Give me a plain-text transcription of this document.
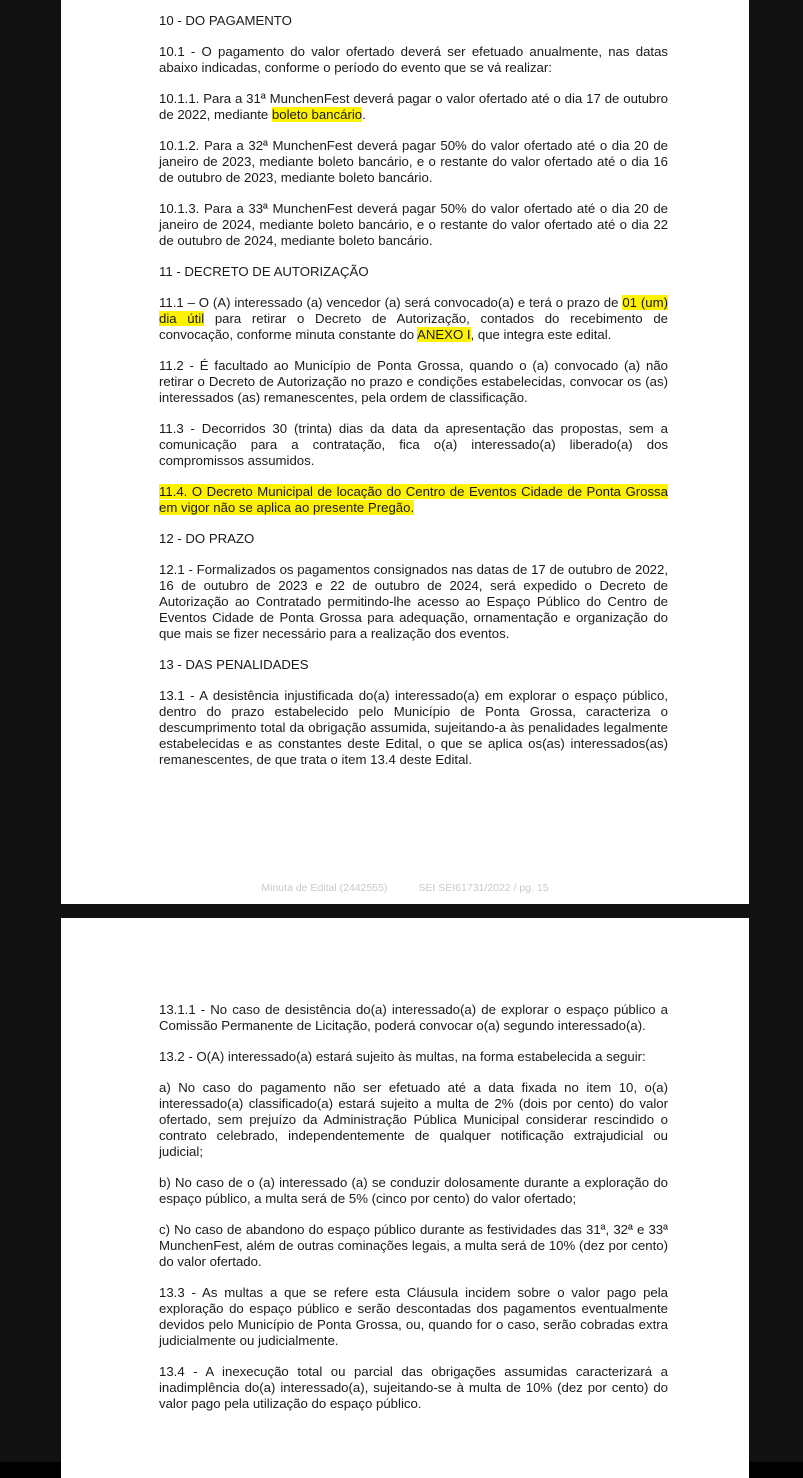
10 - DO PAGAMENTO

10.1 - O pagamento do valor ofertado deverá ser efetuado anualmente, nas datas abaixo indicadas, conforme o período do evento que se vá realizar:

10.1.1. Para a 31ª MunchenFest deverá pagar o valor ofertado até o dia 17 de outubro de 2022, mediante boleto bancário.

10.1.2. Para a 32ª MunchenFest deverá pagar 50% do valor ofertado até o dia 20 de janeiro de 2023, mediante boleto bancário, e o restante do valor ofertado até o dia 16 de outubro de 2023, mediante boleto bancário.

10.1.3. Para a 33ª MunchenFest deverá pagar 50% do valor ofertado até o dia 20 de janeiro de 2024, mediante boleto bancário, e o restante do valor ofertado até o dia 22 de outubro de 2024, mediante boleto bancário.

11 - DECRETO DE AUTORIZAÇÃO

11.1 – O (A) interessado (a) vencedor (a) será convocado(a) e terá o prazo de 01 (um) dia útil para retirar o Decreto de Autorização, contados do recebimento de convocação, conforme minuta constante do ANEXO I, que integra este edital.

11.2 - É facultado ao Município de Ponta Grossa, quando o (a) convocado (a) não retirar o Decreto de Autorização no prazo e condições estabelecidas, convocar os (as) interessados (as) remanescentes, pela ordem de classificação.

11.3 - Decorridos 30 (trinta) dias da data da apresentação das propostas, sem a comunicação para a contratação, fica o(a) interessado(a) liberado(a) dos compromissos assumidos.

11.4. O Decreto Municipal de locação do Centro de Eventos Cidade de Ponta Grossa em vigor não se aplica ao presente Pregão.

12 - DO PRAZO

12.1 - Formalizados os pagamentos consignados nas datas de 17 de outubro de 2022, 16 de outubro de 2023 e 22 de outubro de 2024, será expedido o Decreto de Autorização ao Contratado permitindo-lhe acesso ao Espaço Público do Centro de Eventos Cidade de Ponta Grossa para adequação, ornamentação e organização do que mais se fizer necessário para a realização dos eventos.

13 - DAS PENALIDADES

13.1 - A desistência injustificada do(a) interessado(a) em explorar o espaço público, dentro do prazo estabelecido pelo Município de Ponta Grossa, caracteriza o descumprimento total da obrigação assumida, sujeitando-a às penalidades legalmente estabelecidas e as constantes deste Edital, o que se aplica os(as) interessados(as) remanescentes, de que trata o item 13.4 deste Edital.

Minuta de Edital (2442555)	SEI SEI61731/2022 / pg. 15

13.1.1 - No caso de desistência do(a) interessado(a) de explorar o espaço público a Comissão Permanente de Licitação, poderá convocar o(a) segundo interessado(a).

13.2 - O(A) interessado(a) estará sujeito às multas, na forma estabelecida a seguir:

a) No caso do pagamento não ser efetuado até a data fixada no item 10, o(a) interessado(a) classificado(a) estará sujeito a multa de 2% (dois por cento) do valor ofertado, sem prejuízo da Administração Pública Municipal considerar rescindido o contrato celebrado, independentemente de qualquer notificação extrajudicial ou judicial;

b) No caso de o (a) interessado (a) se conduzir dolosamente durante a exploração do espaço público, a multa será de 5% (cinco por cento) do valor ofertado;

c) No caso de abandono do espaço público durante as festividades das 31ª, 32ª e 33ª MunchenFest, além de outras cominações legais, a multa será de 10% (dez por cento) do valor ofertado.

13.3 - As multas a que se refere esta Cláusula incidem sobre o valor pago pela exploração do espaço público e serão descontadas dos pagamentos eventualmente devidos pelo Município de Ponta Grossa, ou, quando for o caso, serão cobradas extra judicialmente ou judicialmente.

13.4 - A inexecução total ou parcial das obrigações assumidas caracterizará a inadimplência do(a) interessado(a), sujeitando-se à multa de 10% (dez por cento) do valor pago pela utilização do espaço público.
